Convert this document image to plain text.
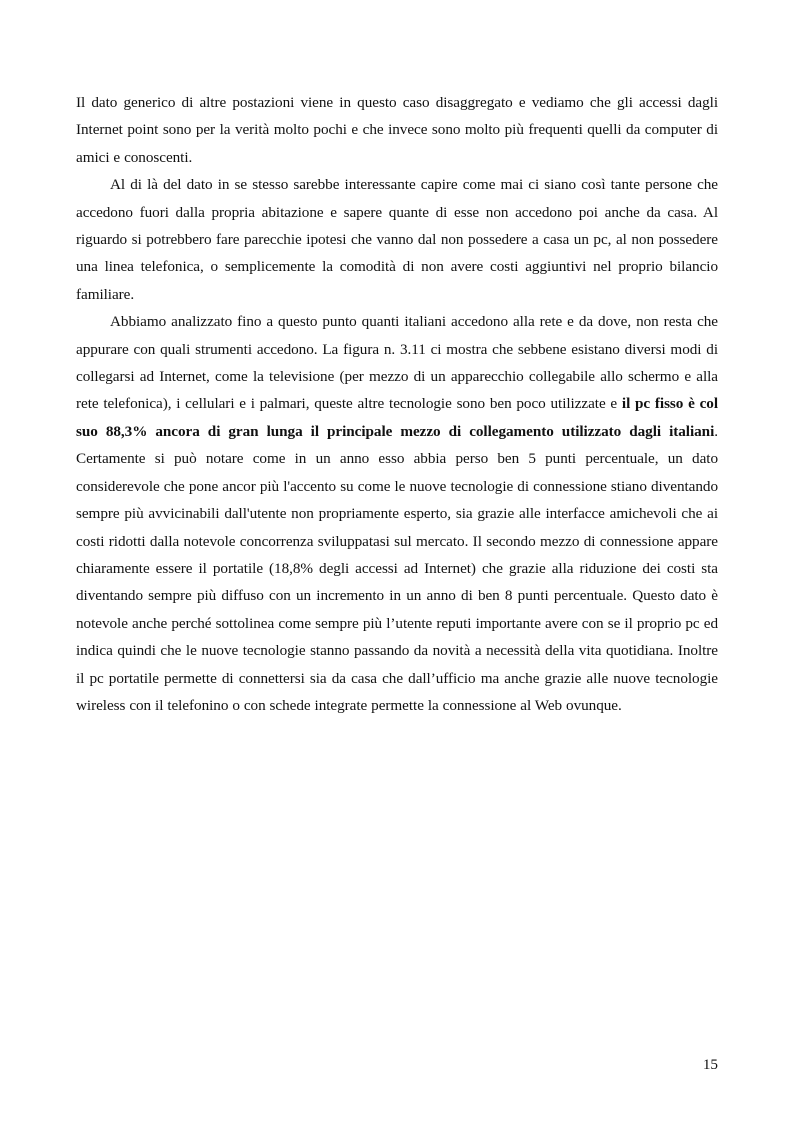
Il dato generico di altre postazioni viene in questo caso disaggregato e vediamo che gli accessi dagli Internet point sono per la verità molto pochi e che invece sono molto più frequenti quelli da computer di amici e conoscenti.

Al di là del dato in se stesso sarebbe interessante capire come mai ci siano così tante persone che accedono fuori dalla propria abitazione e sapere quante di esse non accedono poi anche da casa. Al riguardo si potrebbero fare parecchie ipotesi che vanno dal non possedere a casa un pc, al non possedere una linea telefonica, o semplicemente la comodità di non avere costi aggiuntivi nel proprio bilancio familiare.

Abbiamo analizzato fino a questo punto quanti italiani accedono alla rete e da dove, non resta che appurare con quali strumenti accedono. La figura n. 3.11 ci mostra che sebbene esistano diversi modi di collegarsi ad Internet, come la televisione (per mezzo di un apparecchio collegabile allo schermo e alla rete telefonica), i cellulari e i palmari, queste altre tecnologie sono ben poco utilizzate e il pc fisso è col suo 88,3% ancora di gran lunga il principale mezzo di collegamento utilizzato dagli italiani. Certamente si può notare come in un anno esso abbia perso ben 5 punti percentuale, un dato considerevole che pone ancor più l'accento su come le nuove tecnologie di connessione stiano diventando sempre più avvicinabili dall'utente non propriamente esperto, sia grazie alle interfacce amichevoli che ai costi ridotti dalla notevole concorrenza sviluppatasi sul mercato. Il secondo mezzo di connessione appare chiaramente essere il portatile (18,8% degli accessi ad Internet) che grazie alla riduzione dei costi sta diventando sempre più diffuso con un incremento in un anno di ben 8 punti percentuale. Questo dato è notevole anche perché sottolinea come sempre più l’utente reputi importante avere con se il proprio pc ed indica quindi che le nuove tecnologie stanno passando da novità a necessità della vita quotidiana. Inoltre il pc portatile permette di connettersi sia da casa che dall’ufficio ma anche grazie alle nuove tecnologie wireless con il telefonino o con schede integrate permette la connessione al Web ovunque.

15
